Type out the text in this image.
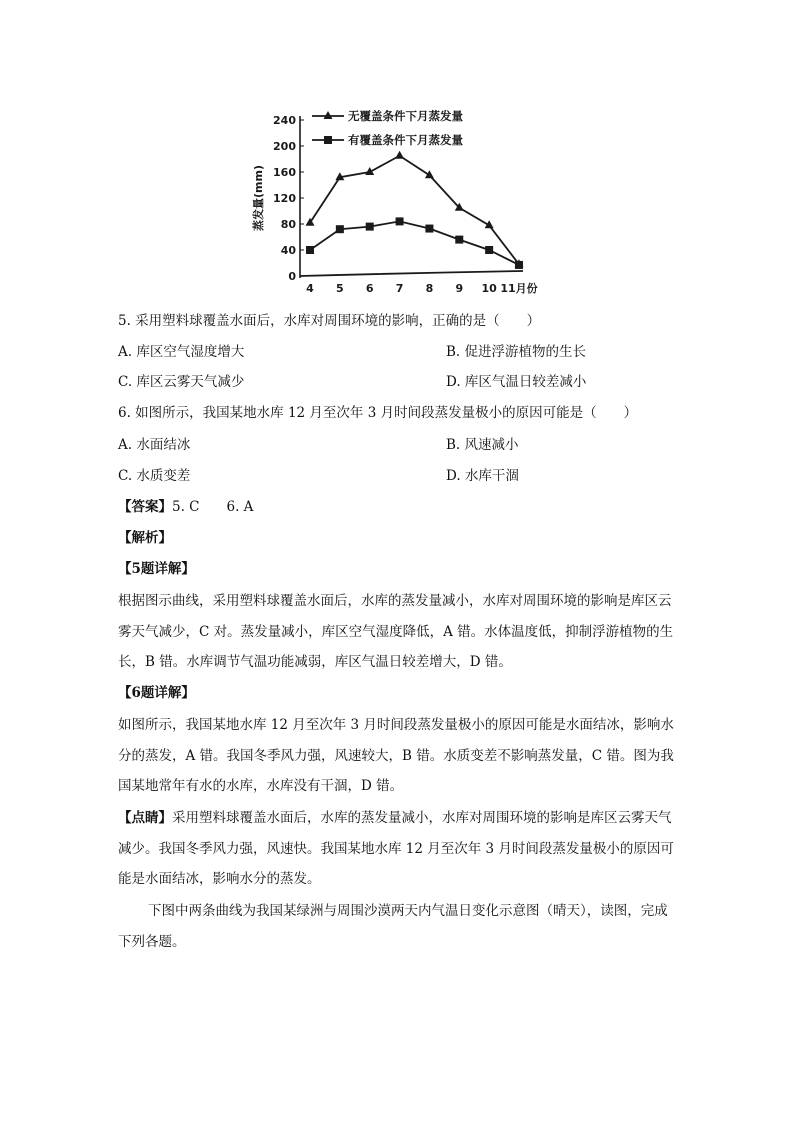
240
200
160
120
80
40
0
4 5 6 7 8 9 10 11月份
蒸发量(mm)
无覆盖条件下月蒸发量
有覆盖条件下月蒸发量
5. 采用塑料球覆盖水面后，水库对周围环境的影响，正确的是（　　）
A. 库区空气湿度增大	B. 促进浮游植物的生长
C. 库区云雾天气减少	D. 库区气温日较差减小
6. 如图所示，我国某地水库 12 月至次年 3 月时间段蒸发量极小的原因可能是（　　）
A. 水面结冰	B. 风速减小
C. 水质变差	D. 水库干涸
【答案】5. C　　6. A
【解析】
【5题详解】
根据图示曲线，采用塑料球覆盖水面后，水库的蒸发量减小，水库对周围环境的影响是库区云雾天气减少，C 对。蒸发量减小，库区空气湿度降低，A 错。水体温度低，抑制浮游植物的生长，B 错。水库调节气温功能减弱，库区气温日较差增大，D 错。
【6题详解】
如图所示，我国某地水库 12 月至次年 3 月时间段蒸发量极小的原因可能是水面结冰，影响水分的蒸发，A 错。我国冬季风力强，风速较大，B 错。水质变差不影响蒸发量，C 错。图为我国某地常年有水的水库，水库没有干涸，D 错。
【点睛】采用塑料球覆盖水面后，水库的蒸发量减小，水库对周围环境的影响是库区云雾天气减少。我国冬季风力强，风速快。我国某地水库 12 月至次年 3 月时间段蒸发量极小的原因可能是水面结冰，影响水分的蒸发。
下图中两条曲线为我国某绿洲与周围沙漠两天内气温日变化示意图（晴天），读图，完成下列各题。
